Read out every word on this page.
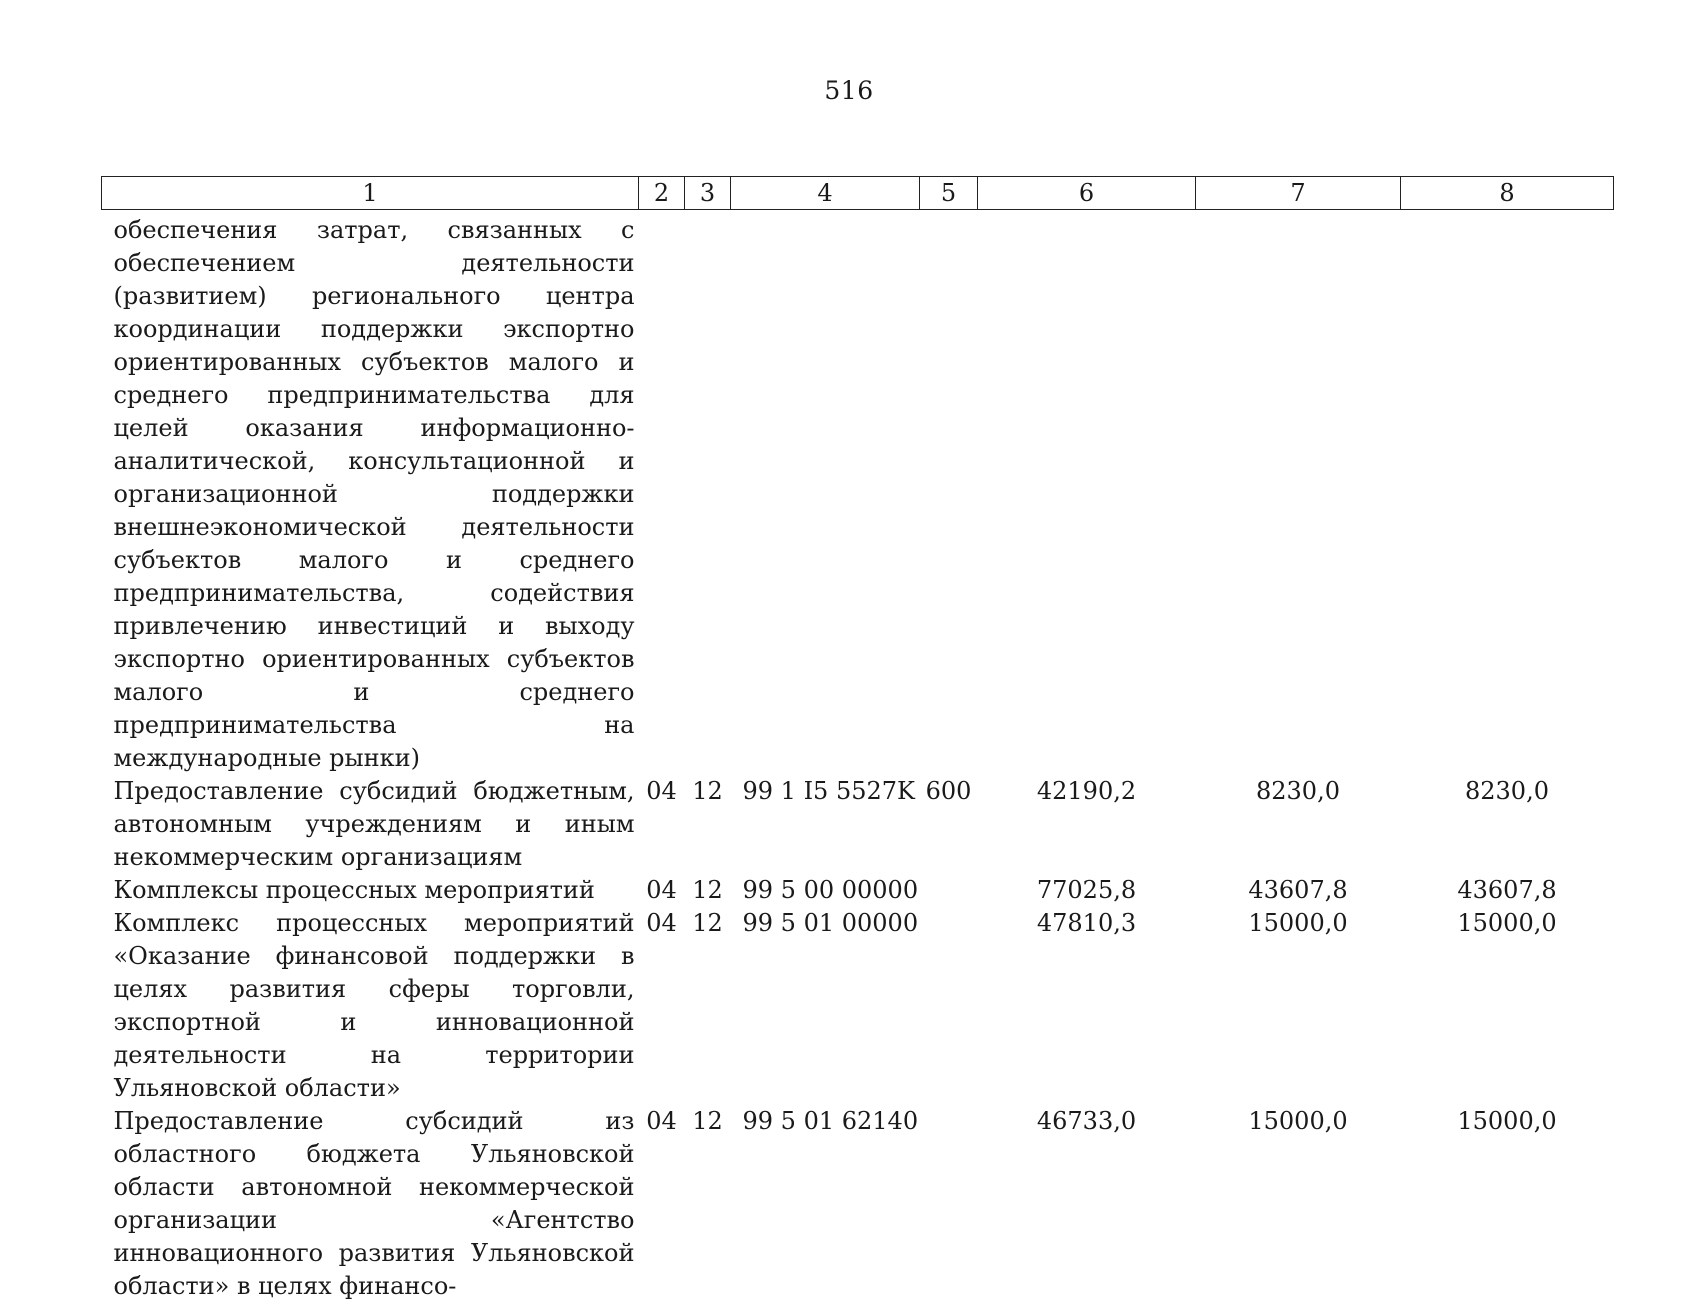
516
1	2	3	4	5	6	7	8
обеспечения затрат, связанных с обеспечением деятельности (развитием) регионального центра координации поддержки экспортно ориентированных субъектов малого и среднего предпринимательства для целей оказания информационно-аналитической, консультационной и организационной поддержки внешнеэкономической деятельности субъектов малого и среднего предпринимательства, содействия привлечению инвестиций и выходу экспортно ориентированных субъектов малого и среднего предпринимательства на международные рынки)							
Предоставление субсидий бюджетным, автономным учреждениям и иным некоммерческим организациям	04	12	99 1 I5 5527K	600	42190,2	8230,0	8230,0
Комплексы процессных мероприятий	04	12	99 5 00 00000		77025,8	43607,8	43607,8
Комплекс процессных мероприятий «Оказание финансовой поддержки в целях развития сферы торговли, экспортной и инновационной деятельности на территории Ульяновской области»	04	12	99 5 01 00000		47810,3	15000,0	15000,0
Предоставление субсидий из областного бюджета Ульяновской области автономной некоммерческой организации «Агентство инновационного развития Ульяновской области» в целях финансо-	04	12	99 5 01 62140		46733,0	15000,0	15000,0
